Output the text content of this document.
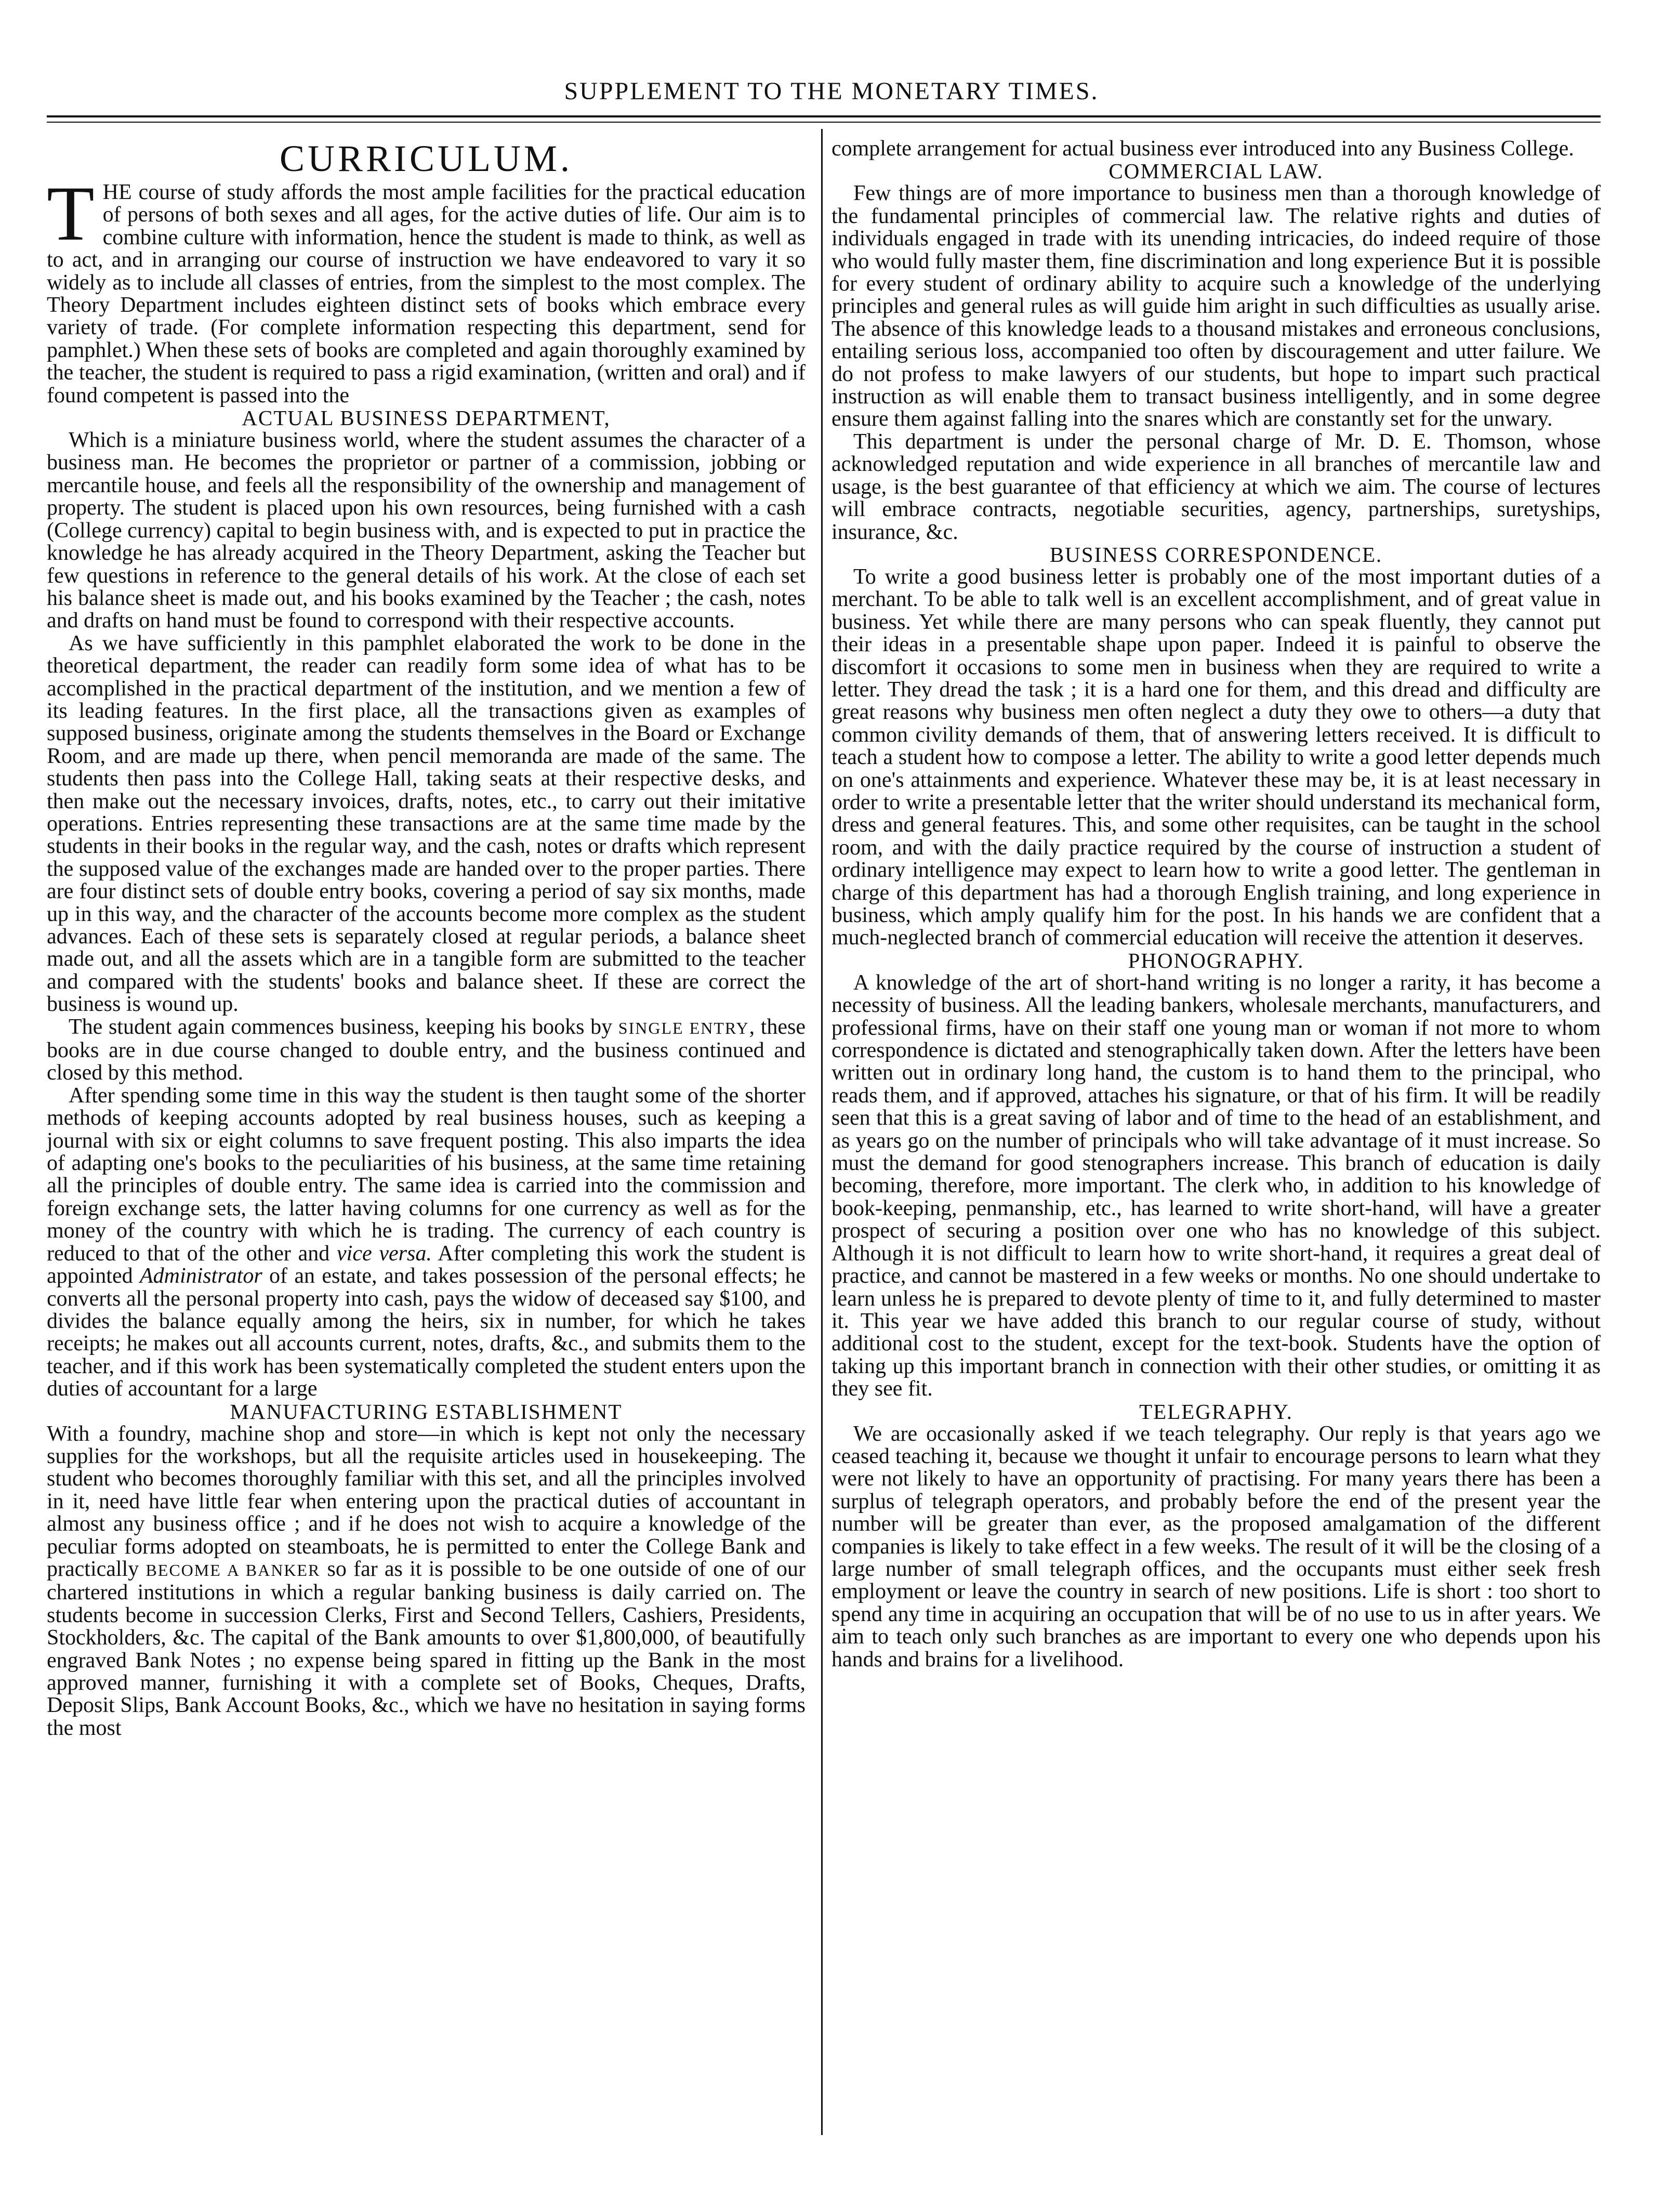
SUPPLEMENT TO THE MONETARY TIMES.
CURRICULUM.

THE course of study affords the most ample facilities for the practical education of persons of both sexes and all ages, for the active duties of life. Our aim is to combine culture with information, hence the student is made to think, as well as to act, and in arranging our course of instruction we have endeavored to vary it so widely as to include all classes of entries, from the simplest to the most complex. The Theory Department includes eighteen distinct sets of books which embrace every variety of trade. (For complete information respecting this department, send for pamphlet.) When these sets of books are completed and again thoroughly examined by the teacher, the student is required to pass a rigid examination, (written and oral) and if found competent is passed into the

ACTUAL BUSINESS DEPARTMENT,

Which is a miniature business world, where the student assumes the character of a business man. He becomes the proprietor or partner of a commission, jobbing or mercantile house, and feels all the responsibility of the ownership and management of property. The student is placed upon his own resources, being furnished with a cash (College currency) capital to begin business with, and is expected to put in practice the knowledge he has already acquired in the Theory Department, asking the Teacher but few questions in reference to the general details of his work. At the close of each set his balance sheet is made out, and his books examined by the Teacher ; the cash, notes and drafts on hand must be found to correspond with their respective accounts.

As we have sufficiently in this pamphlet elaborated the work to be done in the theoretical department, the reader can readily form some idea of what has to be accomplished in the practical department of the institution, and we mention a few of its leading features. In the first place, all the transactions given as examples of supposed business, originate among the students themselves in the Board or Exchange Room, and are made up there, when pencil memoranda are made of the same. The students then pass into the College Hall, taking seats at their respective desks, and then make out the necessary invoices, drafts, notes, etc., to carry out their imitative operations. Entries representing these transactions are at the same time made by the students in their books in the regular way, and the cash, notes or drafts which represent the supposed value of the exchanges made are handed over to the proper parties. There are four distinct sets of double entry books, covering a period of say six months, made up in this way, and the character of the accounts become more complex as the student advances. Each of these sets is separately closed at regular periods, a balance sheet made out, and all the assets which are in a tangible form are submitted to the teacher and compared with the students' books and balance sheet. If these are correct the business is wound up.

The student again commences business, keeping his books by SINGLE ENTRY, these books are in due course changed to double entry, and the business continued and closed by this method.

After spending some time in this way the student is then taught some of the shorter methods of keeping accounts adopted by real business houses, such as keeping a journal with six or eight columns to save frequent posting. This also imparts the idea of adapting one's books to the peculiarities of his business, at the same time retaining all the principles of double entry. The same idea is carried into the commission and foreign exchange sets, the latter having columns for one currency as well as for the money of the country with which he is trading. The currency of each country is reduced to that of the other and vice versa. After completing this work the student is appointed Administrator of an estate, and takes possession of the personal effects; he converts all the personal property into cash, pays the widow of deceased say $100, and divides the balance equally among the heirs, six in number, for which he takes receipts; he makes out all accounts current, notes, drafts, &c., and submits them to the teacher, and if this work has been systematically completed the student enters upon the duties of accountant for a large

MANUFACTURING ESTABLISHMENT

With a foundry, machine shop and store—in which is kept not only the necessary supplies for the workshops, but all the requisite articles used in housekeeping. The student who becomes thoroughly familiar with this set, and all the principles involved in it, need have little fear when entering upon the practical duties of accountant in almost any business office ; and if he does not wish to acquire a knowledge of the peculiar forms adopted on steamboats, he is permitted to enter the College Bank and practically BECOME A BANKER so far as it is possible to be one outside of one of our chartered institutions in which a regular banking business is daily carried on. The students become in succession Clerks, First and Second Tellers, Cashiers, Presidents, Stockholders, &c. The capital of the Bank amounts to over $1,800,000, of beautifully engraved Bank Notes ; no expense being spared in fitting up the Bank in the most approved manner, furnishing it with a complete set of Books, Cheques, Drafts, Deposit Slips, Bank Account Books, &c., which we have no hesitation in saying forms the most

complete arrangement for actual business ever introduced into any Business College.

COMMERCIAL LAW.

Few things are of more importance to business men than a thorough knowledge of the fundamental principles of commercial law. The relative rights and duties of individuals engaged in trade with its unending intricacies, do indeed require of those who would fully master them, fine discrimination and long experience But it is possible for every student of ordinary ability to acquire such a knowledge of the underlying principles and general rules as will guide him aright in such difficulties as usually arise. The absence of this knowledge leads to a thousand mistakes and erroneous conclusions, entailing serious loss, accompanied too often by discouragement and utter failure. We do not profess to make lawyers of our students, but hope to impart such practical instruction as will enable them to transact business intelligently, and in some degree ensure them against falling into the snares which are constantly set for the unwary.

This department is under the personal charge of Mr. D. E. Thomson, whose acknowledged reputation and wide experience in all branches of mercantile law and usage, is the best guarantee of that efficiency at which we aim. The course of lectures will embrace contracts, negotiable securities, agency, partnerships, suretyships, insurance, &c.

BUSINESS CORRESPONDENCE.

To write a good business letter is probably one of the most important duties of a merchant. To be able to talk well is an excellent accomplishment, and of great value in business. Yet while there are many persons who can speak fluently, they cannot put their ideas in a presentable shape upon paper. Indeed it is painful to observe the discomfort it occasions to some men in business when they are required to write a letter. They dread the task ; it is a hard one for them, and this dread and difficulty are great reasons why business men often neglect a duty they owe to others—a duty that common civility demands of them, that of answering letters received. It is difficult to teach a student how to compose a letter. The ability to write a good letter depends much on one's attainments and experience. Whatever these may be, it is at least necessary in order to write a presentable letter that the writer should understand its mechanical form, dress and general features. This, and some other requisites, can be taught in the school room, and with the daily practice required by the course of instruction a student of ordinary intelligence may expect to learn how to write a good letter. The gentleman in charge of this department has had a thorough English training, and long experience in business, which amply qualify him for the post. In his hands we are confident that a much-neglected branch of commercial education will receive the attention it deserves.

PHONOGRAPHY.

A knowledge of the art of short-hand writing is no longer a rarity, it has become a necessity of business. All the leading bankers, wholesale merchants, manufacturers, and professional firms, have on their staff one young man or woman if not more to whom correspondence is dictated and stenographically taken down. After the letters have been written out in ordinary long hand, the custom is to hand them to the principal, who reads them, and if approved, attaches his signature, or that of his firm. It will be readily seen that this is a great saving of labor and of time to the head of an establishment, and as years go on the number of principals who will take advantage of it must increase. So must the demand for good stenographers increase. This branch of education is daily becoming, therefore, more important. The clerk who, in addition to his knowledge of book-keeping, penmanship, etc., has learned to write short-hand, will have a greater prospect of securing a position over one who has no knowledge of this subject. Although it is not difficult to learn how to write short-hand, it requires a great deal of practice, and cannot be mastered in a few weeks or months. No one should undertake to learn unless he is prepared to devote plenty of time to it, and fully determined to master it. This year we have added this branch to our regular course of study, without additional cost to the student, except for the text-book. Students have the option of taking up this important branch in connection with their other studies, or omitting it as they see fit.

TELEGRAPHY.

We are occasionally asked if we teach telegraphy. Our reply is that years ago we ceased teaching it, because we thought it unfair to encourage persons to learn what they were not likely to have an opportunity of practising. For many years there has been a surplus of telegraph operators, and probably before the end of the present year the number will be greater than ever, as the proposed amalgamation of the different companies is likely to take effect in a few weeks. The result of it will be the closing of a large number of small telegraph offices, and the occupants must either seek fresh employment or leave the country in search of new positions. Life is short : too short to spend any time in acquiring an occupation that will be of no use to us in after years. We aim to teach only such branches as are important to every one who depends upon his hands and brains for a livelihood.
